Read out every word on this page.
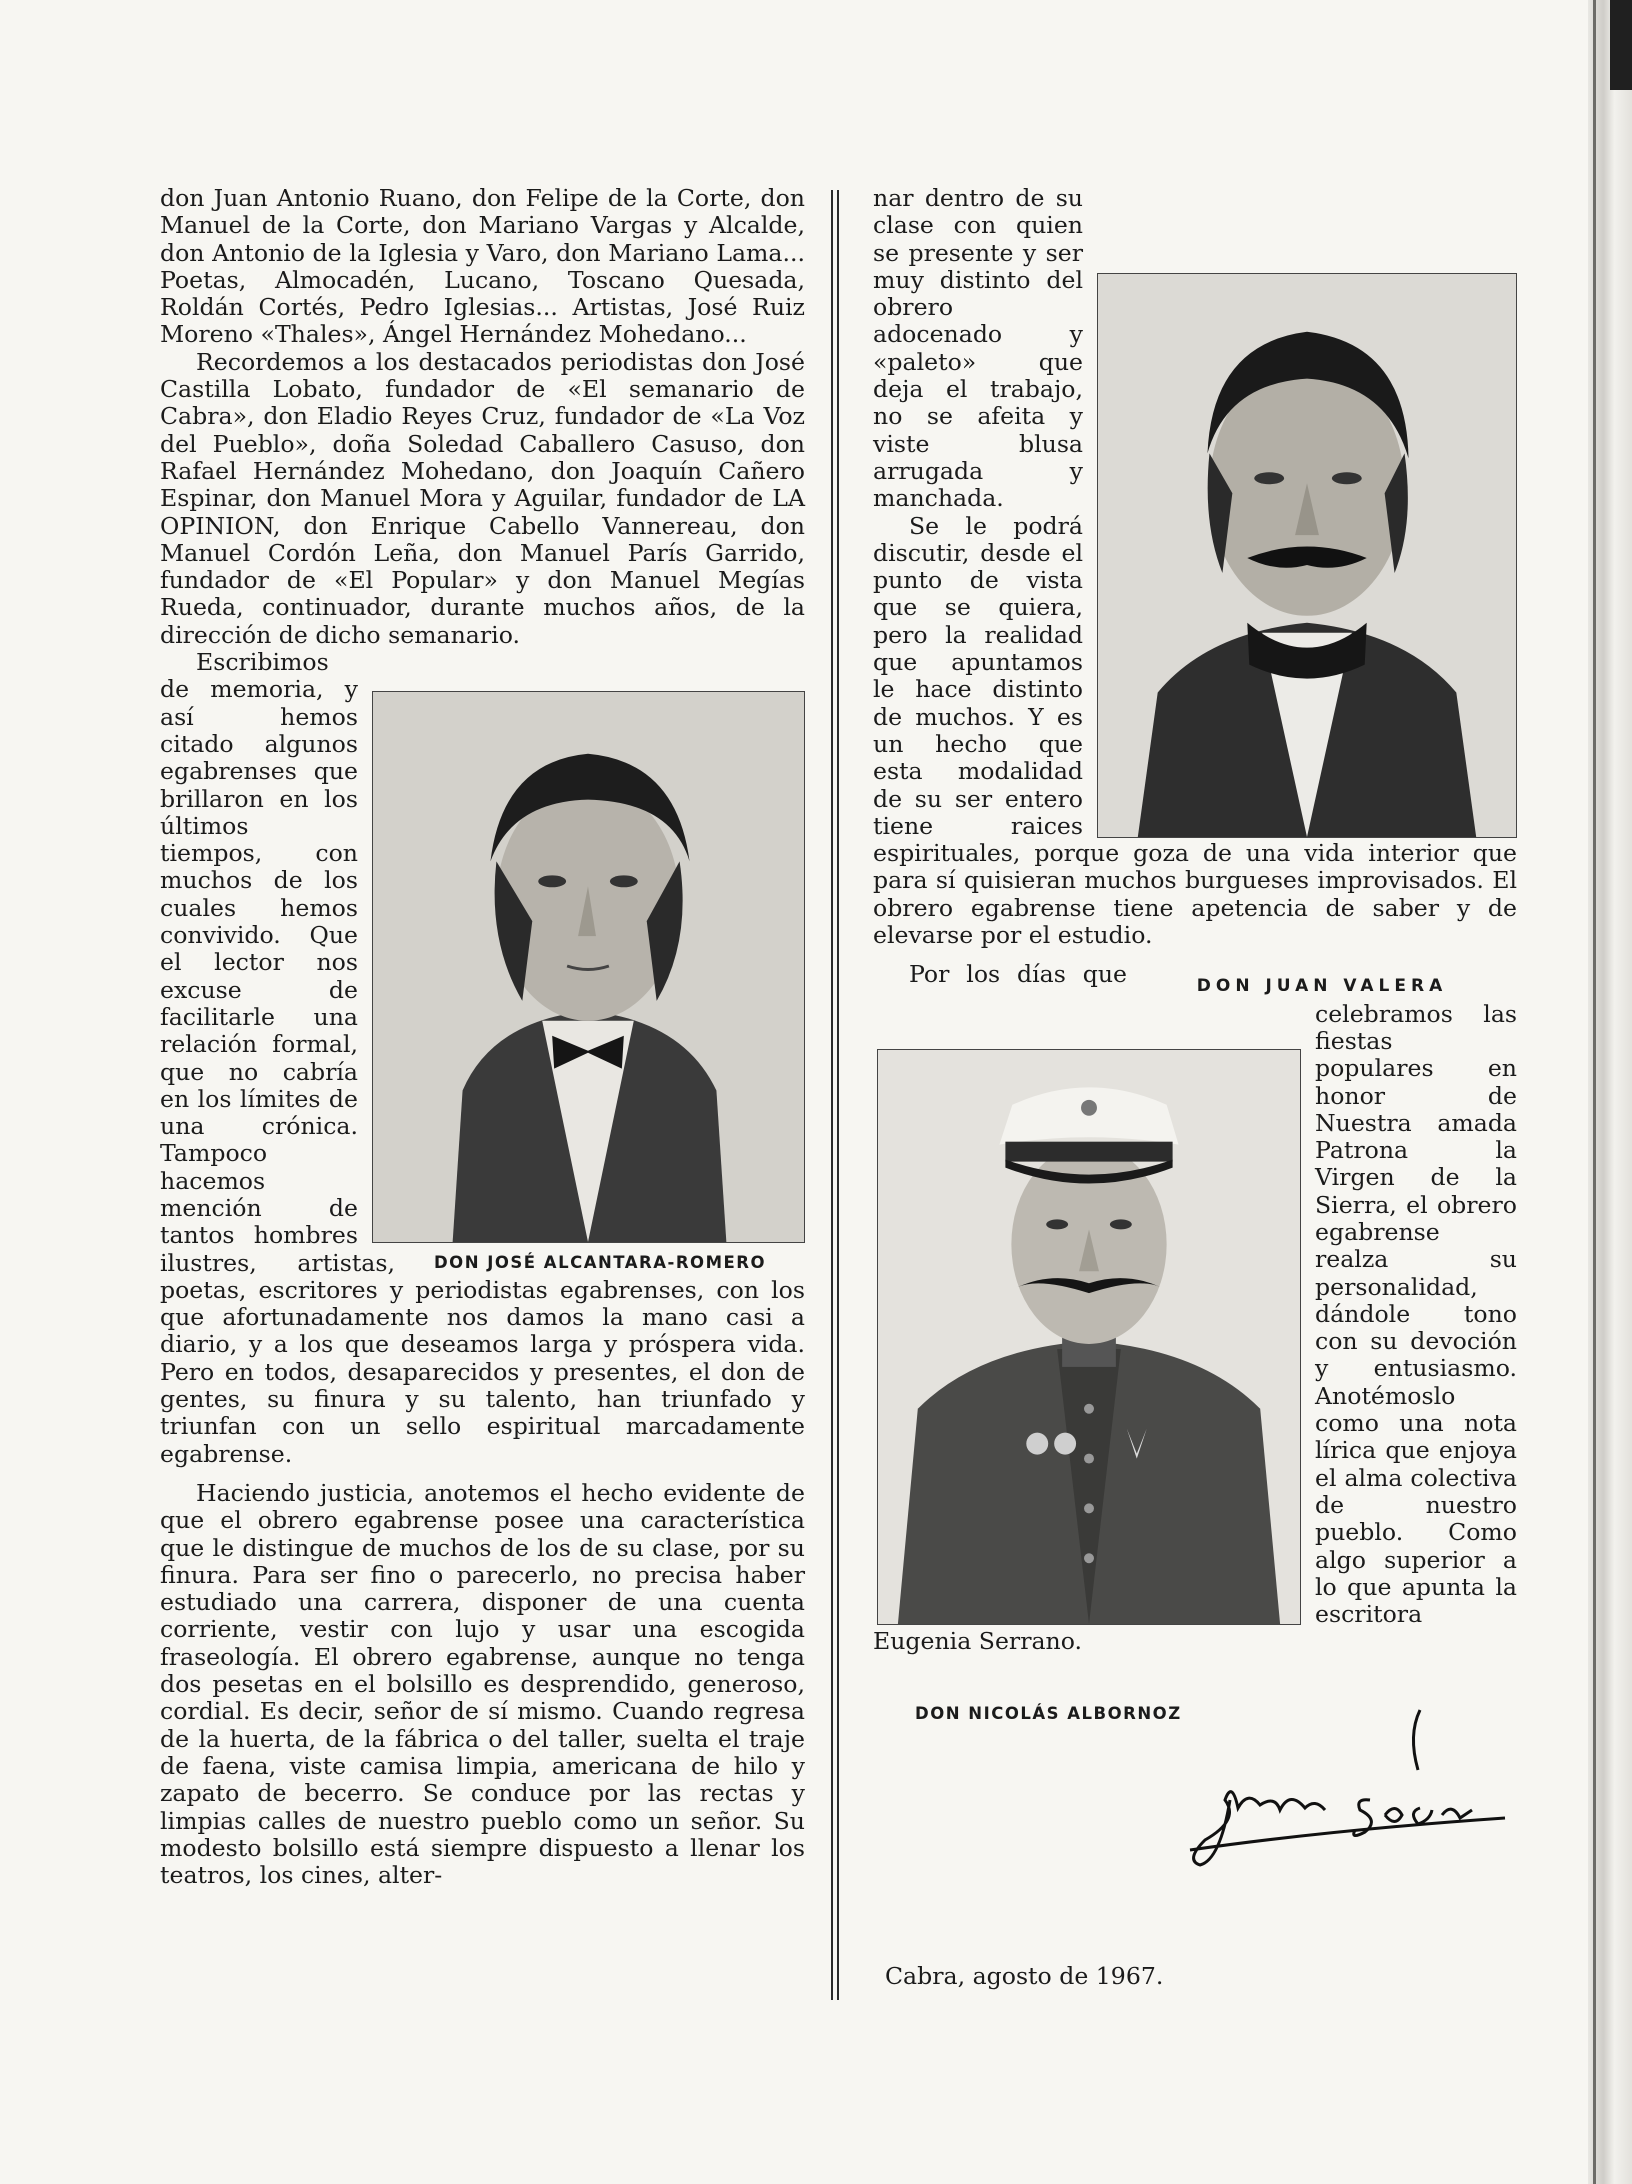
don Juan Antonio Ruano, don Felipe de la Corte, don Manuel de la Corte, don Mariano Vargas y Alcalde, don Antonio de la Iglesia y Varo, don Mariano Lama... Poetas, Almocadén, Lucano, Toscano Quesada, Roldán Cortés, Pedro Iglesias... Artistas, José Ruiz Moreno «Thales», Ángel Hernández Mohedano...

Recordemos a los destacados periodistas don José Castilla Lobato, fundador de «El semanario de Cabra», don Eladio Reyes Cruz, fundador de «La Voz del Pueblo», doña Soledad Caballero Casuso, don Rafael Hernández Mohedano, don Joaquín Cañero Espinar, don Manuel Mora y Aguilar, fundador de LA OPINION, don Enrique Cabello Vannereau, don Manuel Cordón Leña, don Manuel París Garrido, fundador de «El Popular» y don Manuel Megías Rueda, continuador, durante muchos años, de la dirección de dicho semanario.

DON JOSÉ ALCANTARA-ROMERO

Escribimos de memoria, y así hemos citado algunos egabrenses que brillaron en los últimos tiempos, con muchos de los cuales hemos convivido. Que el lector nos excuse de facilitarle una relación formal, que no cabría en los límites de una crónica. Tampoco hacemos mención de tantos hombres ilustres, artistas, poetas, escritores y periodistas egabrenses, con los que afortunadamente nos damos la mano casi a diario, y a los que deseamos larga y próspera vida. Pero en todos, desaparecidos y presentes, el don de gentes, su finura y su talento, han triunfado y triunfan con un sello espiritual marcadamente egabrense.

Haciendo justicia, anotemos el hecho evidente de que el obrero egabrense posee una característica que le distingue de muchos de los de su clase, por su finura. Para ser fino o parecerlo, no precisa haber estudiado una carrera, disponer de una cuenta corriente, vestir con lujo y usar una escogida fraseología. El obrero egabrense, aunque no tenga dos pesetas en el bolsillo es desprendido, generoso, cordial. Es decir, señor de sí mismo. Cuando regresa de la huerta, de la fábrica o del taller, suelta el traje de faena, viste camisa limpia, americana de hilo y zapato de becerro. Se conduce por las rectas y limpias calles de nuestro pueblo como un señor. Su modesto bolsillo está siempre dispuesto a llenar los teatros, los cines, alter-

nar dentro de su clase con quien se presente y ser muy distinto del obrero adocenado y «paleto» que deja el trabajo, no se afeita y viste blusa arrugada y manchada.

Se le podrá discutir, desde el punto de vista que se quiera, pero la realidad que apuntamos le hace distinto de muchos. Y es un hecho que esta modalidad de su ser entero tiene raices espirituales, porque goza de una vida interior que para sí quisieran muchos burgueses improvisados. El obrero egabrense tiene apetencia de saber y de elevarse por el estudio.

DON JUAN VALERA

Por los días que celebramos las fiestas populares en honor de Nuestra amada Patrona la Virgen de la Sierra, el obrero egabrense realza su personalidad, dándole tono con su devoción y entusiasmo. Anotémoslo como una nota lírica que enjoya el alma colectiva de nuestro pueblo. Como algo superior a lo que apunta la escritora Eugenia Serrano.

DON NICOLÁS ALBORNOZ
Cabra, agosto de 1967.
